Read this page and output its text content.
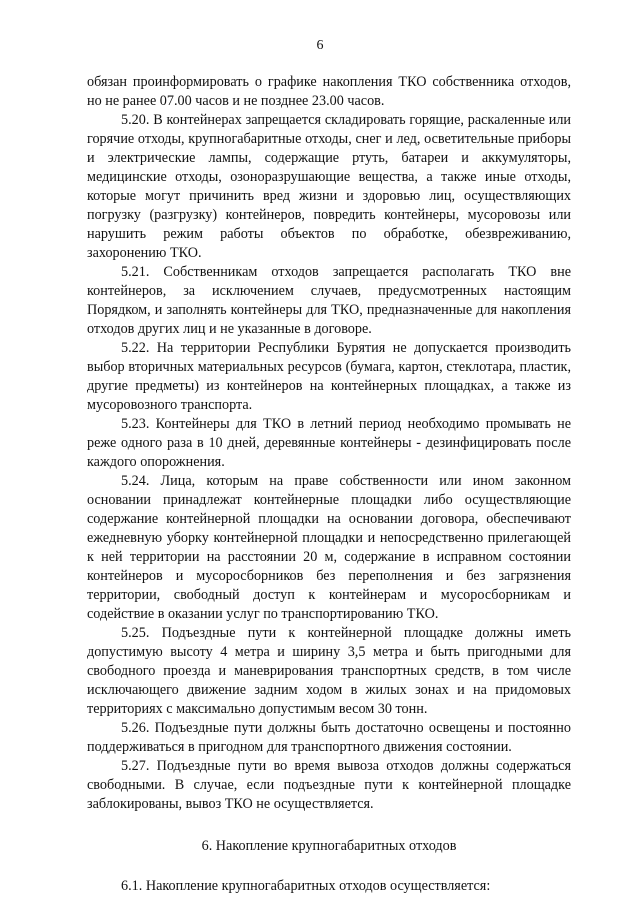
6

обязан проинформировать о графике накопления ТКО собственника отходов, но не ранее 07.00 часов и не позднее 23.00 часов.

5.20. В контейнерах запрещается складировать горящие, раскаленные или горячие отходы, крупногабаритные отходы, снег и лед, осветительные приборы и электрические лампы, содержащие ртуть, батареи и аккумуляторы, медицинские отходы, озоноразрушающие вещества, а также иные отходы, которые могут причинить вред жизни и здоровью лиц, осуществляющих погрузку (разгрузку) контейнеров, повредить контейнеры, мусоровозы или нарушить режим работы объектов по обработке, обезвреживанию, захоронению ТКО.

5.21. Собственникам отходов запрещается располагать ТКО вне контейнеров, за исключением случаев, предусмотренных настоящим Порядком, и заполнять контейнеры для ТКО, предназначенные для накопления отходов других лиц и не указанные в договоре.

5.22. На территории Республики Бурятия не допускается производить выбор вторичных материальных ресурсов (бумага, картон, стеклотара, пластик, другие предметы) из контейнеров на контейнерных площадках, а также из мусоровозного транспорта.

5.23. Контейнеры для ТКО в летний период необходимо промывать не реже одного раза в 10 дней, деревянные контейнеры - дезинфицировать после каждого опорожнения.

5.24. Лица, которым на праве собственности или ином законном основании принадлежат контейнерные площадки либо осуществляющие содержание контейнерной площадки на основании договора, обеспечивают ежедневную уборку контейнерной площадки и непосредственно прилегающей к ней территории на расстоянии 20 м, содержание в исправном состоянии контейнеров и мусоросборников без переполнения и без загрязнения территории, свободный доступ к контейнерам и мусоросборникам и содействие в оказании услуг по транспортированию ТКО.

5.25. Подъездные пути к контейнерной площадке должны иметь допустимую высоту 4 метра и ширину 3,5 метра и быть пригодными для свободного проезда и маневрирования транспортных средств, в том числе исключающего движение задним ходом в жилых зонах и на придомовых территориях с максимально допустимым весом 30 тонн.

5.26. Подъездные пути должны быть достаточно освещены и постоянно поддерживаться в пригодном для транспортного движения состоянии.

5.27. Подъездные пути во время вывоза отходов должны содержаться свободными. В случае, если подъездные пути к контейнерной площадке заблокированы, вывоз ТКО не осуществляется.

6. Накопление крупногабаритных отходов

6.1. Накопление крупногабаритных отходов осуществляется:
